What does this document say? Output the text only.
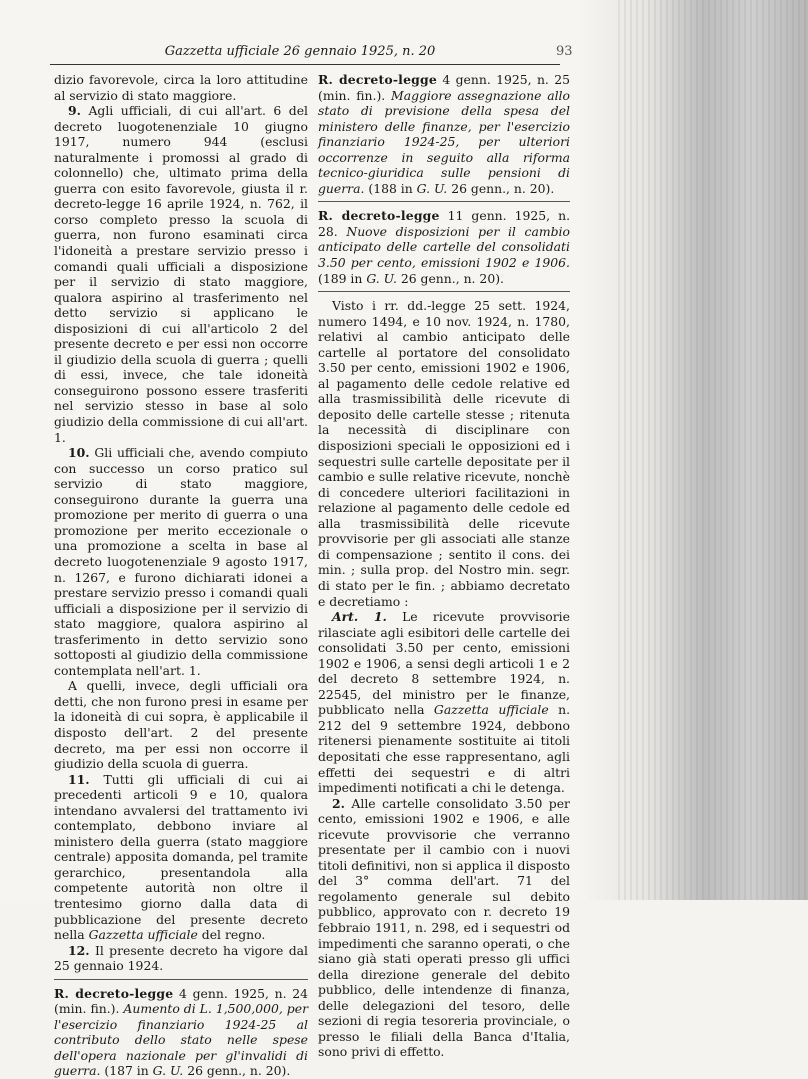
Gazzetta ufficiale 26 gennaio 1925, n. 20	93

dizio favorevole, circa la loro attitudine al servizio di stato maggiore.

9. Agli ufficiali, di cui all'art. 6 del decreto luogotenenziale 10 giugno 1917, numero 944 (esclusi naturalmente i promossi al grado di colonnello) che, ultimato prima della guerra con esito favorevole, giusta il r. decreto-legge 16 aprile 1924, n. 762, il corso completo presso la scuola di guerra, non furono esaminati circa l'idoneità a prestare servizio presso i comandi quali ufficiali a disposizione per il servizio di stato maggiore, qualora aspirino al trasferimento nel detto servizio si applicano le disposizioni di cui all'articolo 2 del presente decreto e per essi non occorre il giudizio della scuola di guerra ; quelli di essi, invece, che tale idoneità conseguirono possono essere trasferiti nel servizio stesso in base al solo giudizio della commissione di cui all'art. 1.

10. Gli ufficiali che, avendo compiuto con successo un corso pratico sul servizio di stato maggiore, conseguirono durante la guerra una promozione per merito di guerra o una promozione per merito eccezionale o una promozione a scelta in base al decreto luogotenenziale 9 agosto 1917, n. 1267, e furono dichiarati idonei a prestare servizio presso i comandi quali ufficiali a disposizione per il servizio di stato maggiore, qualora aspirino al trasferimento in detto servizio sono sottoposti al giudizio della commissione contemplata nell'art. 1.

A quelli, invece, degli ufficiali ora detti, che non furono presi in esame per la idoneità di cui sopra, è applicabile il disposto dell'art. 2 del presente decreto, ma per essi non occorre il giudizio della scuola di guerra.

11. Tutti gli ufficiali di cui ai precedenti articoli 9 e 10, qualora intendano avvalersi del trattamento ivi contemplato, debbono inviare al ministero della guerra (stato maggiore centrale) apposita domanda, pel tramite gerarchico, presentandola alla competente autorità non oltre il trentesimo giorno dalla data di pubblicazione del presente decreto nella Gazzetta ufficiale del regno.

12. Il presente decreto ha vigore dal 25 gennaio 1924.

R. decreto-legge 4 genn. 1925, n. 24 (min. fin.). Aumento di L. 1,500,000, per l'esercizio finanziario 1924-25 al contributo dello stato nelle spese dell'opera nazionale per gl'invalidi di guerra. (187 in G. U. 26 genn., n. 20).

R. decreto-legge 4 genn. 1925, n. 25 (min. fin.). Maggiore assegnazione allo stato di previsione della spesa del ministero delle finanze, per l'esercizio finanziario 1924-25, per ulteriori occorrenze in seguito alla riforma tecnico-giuridica sulle pensioni di guerra. (188 in G. U. 26 genn., n. 20).

R. decreto-legge 11 genn. 1925, n. 28. Nuove disposizioni per il cambio anticipato delle cartelle del consolidati 3.50 per cento, emissioni 1902 e 1906. (189 in G. U. 26 genn., n. 20).

Visto i rr. dd.-legge 25 sett. 1924, numero 1494, e 10 nov. 1924, n. 1780, relativi al cambio anticipato delle cartelle al portatore del consolidato 3.50 per cento, emissioni 1902 e 1906, al pagamento delle cedole relative ed alla trasmissibilità delle ricevute di deposito delle cartelle stesse ; ritenuta la necessità di disciplinare con disposizioni speciali le opposizioni ed i sequestri sulle cartelle depositate per il cambio e sulle relative ricevute, nonchè di concedere ulteriori facilitazioni in relazione al pagamento delle cedole ed alla trasmissibilità delle ricevute provvisorie per gli associati alle stanze di compensazione ; sentito il cons. dei min. ; sulla prop. del Nostro min. segr. di stato per le fin. ; abbiamo decretato e decretiamo :

Art. 1. Le ricevute provvisorie rilasciate agli esibitori delle cartelle dei consolidati 3.50 per cento, emissioni 1902 e 1906, a sensi degli articoli 1 e 2 del decreto 8 settembre 1924, n. 22545, del ministro per le finanze, pubblicato nella Gazzetta ufficiale n. 212 del 9 settembre 1924, debbono ritenersi pienamente sostituite ai titoli depositati che esse rappresentano, agli effetti dei sequestri e di altri impedimenti notificati a chi le detenga.

2. Alle cartelle consolidato 3.50 per cento, emissioni 1902 e 1906, e alle ricevute provvisorie che verranno presentate per il cambio con i nuovi titoli definitivi, non si applica il disposto del 3° comma dell'art. 71 del regolamento generale sul debito pubblico, approvato con r. decreto 19 febbraio 1911, n. 298, ed i sequestri od impedimenti che saranno operati, o che siano già stati operati presso gli uffici della direzione generale del debito pubblico, delle intendenze di finanza, delle delegazioni del tesoro, delle sezioni di regia tesoreria provinciale, o presso le filiali della Banca d'Italia, sono privi di effetto.
